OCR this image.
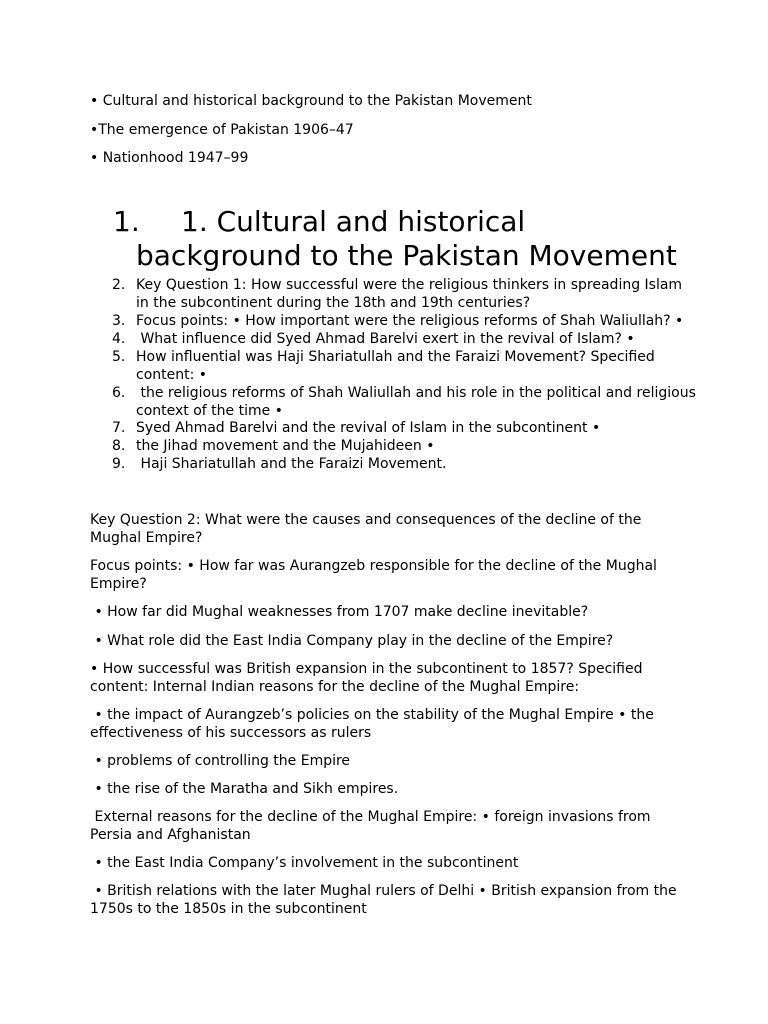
• Cultural and historical background to the Pakistan Movement
•The emergence of Pakistan 1906–47
• Nationhood 1947–99
1.	1. Cultural and historical background to the Pakistan Movement
2. Key Question 1: How successful were the religious thinkers in spreading Islam in the subcontinent during the 18th and 19th centuries?
3. Focus points: • How important were the religious reforms of Shah Waliullah? •
4. What influence did Syed Ahmad Barelvi exert in the revival of Islam? •
5. How influential was Haji Shariatullah and the Faraizi Movement? Specified content: •
6. the religious reforms of Shah Waliullah and his role in the political and religious context of the time •
7. Syed Ahmad Barelvi and the revival of Islam in the subcontinent •
8. the Jihad movement and the Mujahideen •
9. Haji Shariatullah and the Faraizi Movement.
Key Question 2: What were the causes and consequences of the decline of the Mughal Empire?
Focus points: • How far was Aurangzeb responsible for the decline of the Mughal Empire?
• How far did Mughal weaknesses from 1707 make decline inevitable?
• What role did the East India Company play in the decline of the Empire?
• How successful was British expansion in the subcontinent to 1857? Specified content: Internal Indian reasons for the decline of the Mughal Empire:
• the impact of Aurangzeb’s policies on the stability of the Mughal Empire • the effectiveness of his successors as rulers
• problems of controlling the Empire
• the rise of the Maratha and Sikh empires.
External reasons for the decline of the Mughal Empire: • foreign invasions from Persia and Afghanistan
• the East India Company’s involvement in the subcontinent
• British relations with the later Mughal rulers of Delhi • British expansion from the 1750s to the 1850s in the subcontinent
